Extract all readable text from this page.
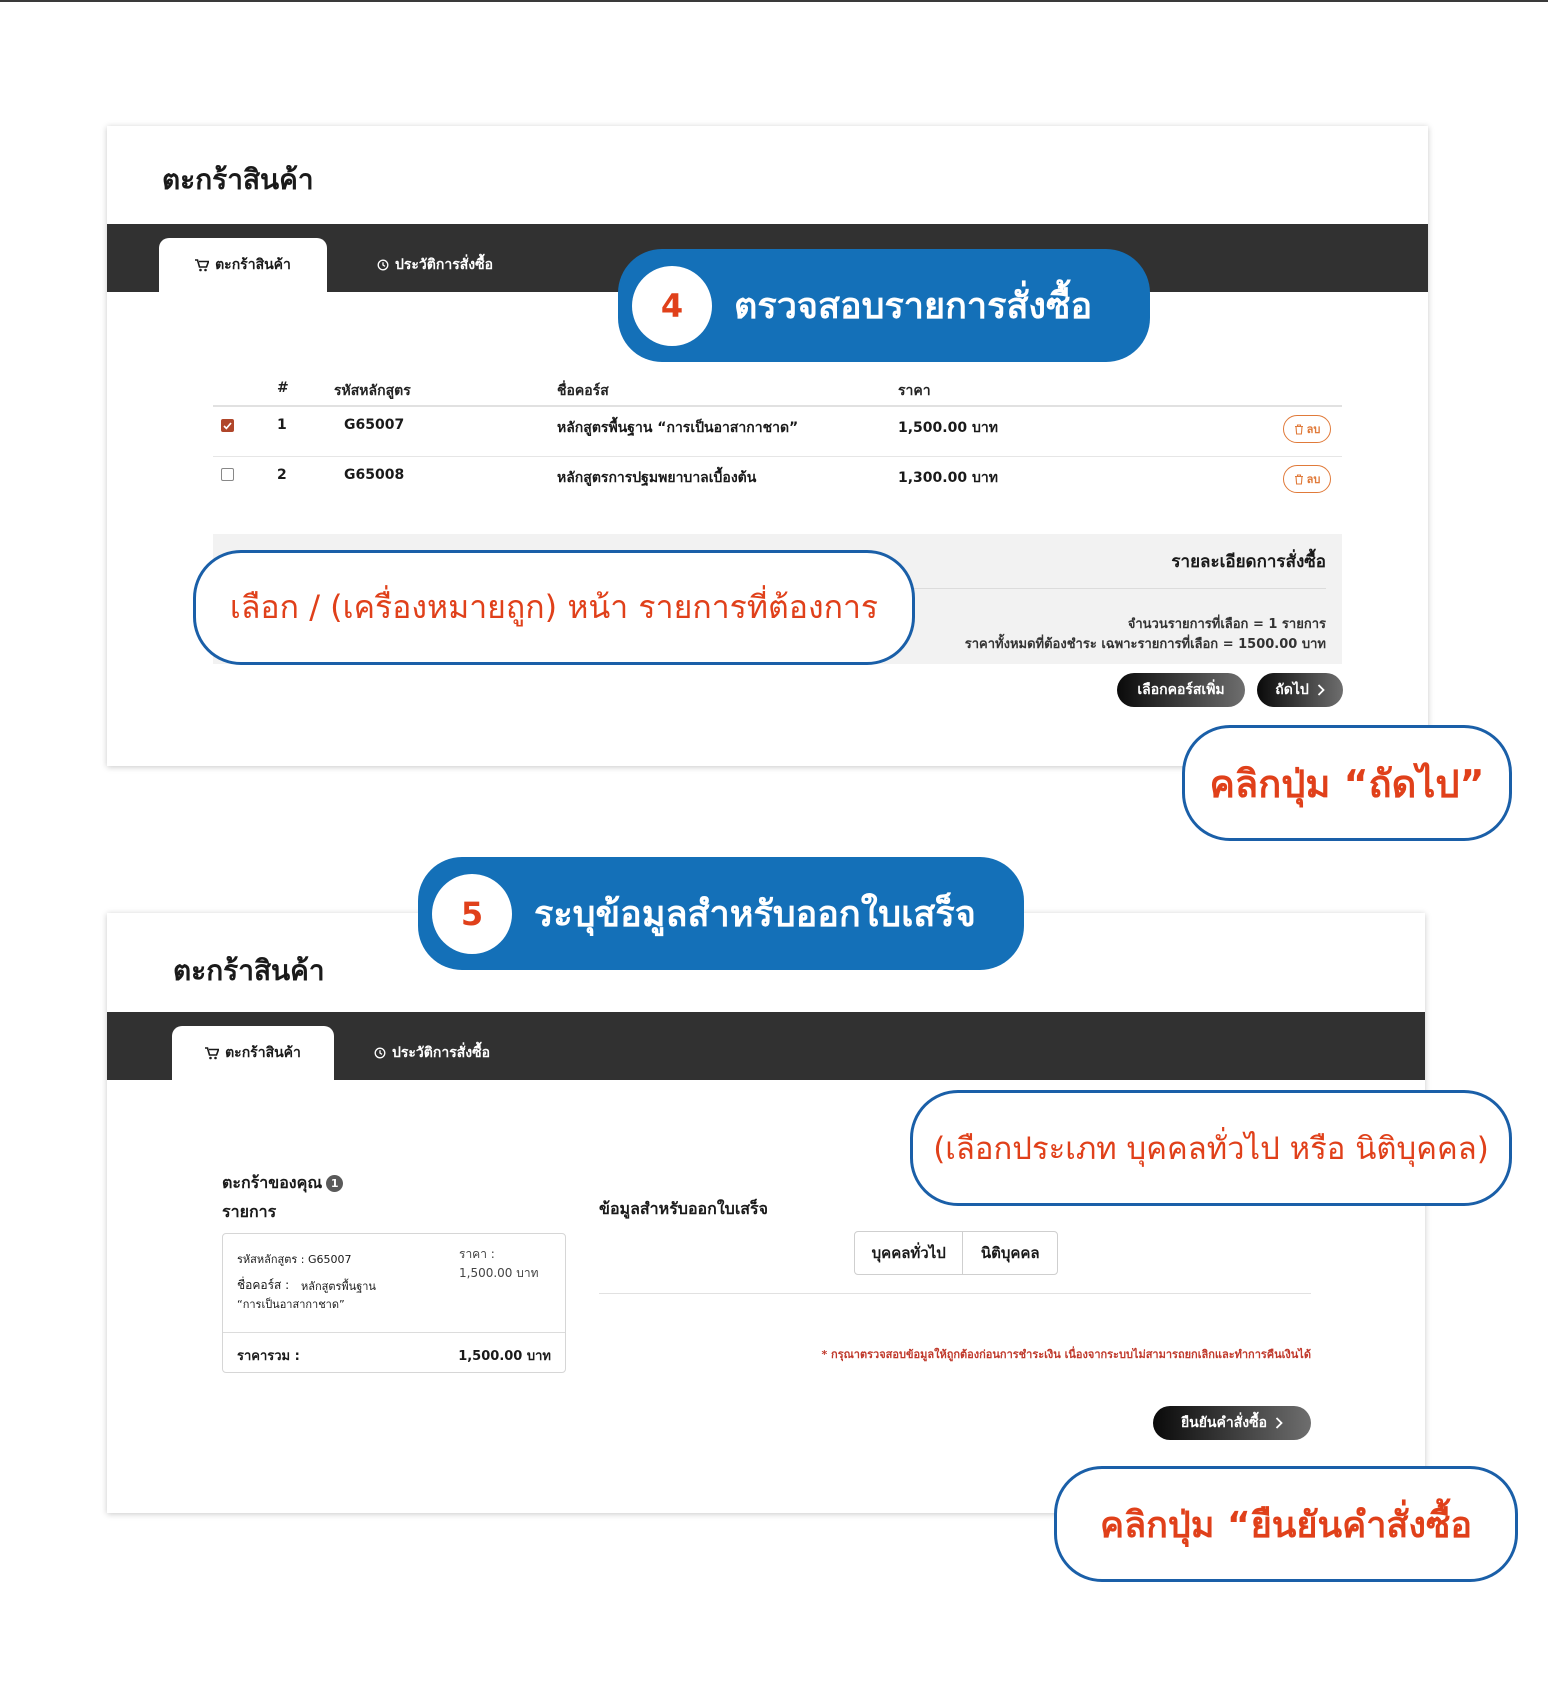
ตะกร้าสินค้า
ตะกร้าสินค้า	ประวัติการสั่งซื้อ
#	รหัสหลักสูตร	ชื่อคอร์ส	ราคา
1	G65007	หลักสูตรพื้นฐาน “การเป็นอาสากาชาด”	1,500.00 บาท	ลบ
2	G65008	หลักสูตรการปฐมพยาบาลเบื้องต้น	1,300.00 บาท	ลบ
รายละเอียดการสั่งซื้อ
จำนวนรายการที่เลือก = 1 รายการ
ราคาทั้งหมดที่ต้องชำระ เฉพาะรายการที่เลือก = 1500.00 บาท
เลือกคอร์สเพิ่ม	ถัดไป
ตะกร้าสินค้า
ตะกร้าสินค้า	ประวัติการสั่งซื้อ
ตะกร้าของคุณ 1
รายการ
รหัสหลักสูตร : G65007
ชื่อคอร์ส : หลักสูตรพื้นฐาน
“การเป็นอาสากาชาด”
ราคา :
1,500.00 บาท
ราคารวม :	1,500.00 บาท
ข้อมูลสำหรับออกใบเสร็จ
บุคคลทั่วไป	นิติบุคคล
* กรุณาตรวจสอบข้อมูลให้ถูกต้องก่อนการชำระเงิน เนื่องจากระบบไม่สามารถยกเลิกและทำการคืนเงินได้
ยืนยันคำสั่งซื้อ
4	ตรวจสอบรายการสั่งซื้อ
เลือก / (เครื่องหมายถูก) หน้า รายการที่ต้องการ
คลิกปุ่ม “ถัดไป”
5	ระบุข้อมูลสำหรับออกใบเสร็จ
(เลือกประเภท บุคคลทั่วไป หรือ นิติบุคคล)
คลิกปุ่ม “ยืนยันคำสั่งซื้อ
